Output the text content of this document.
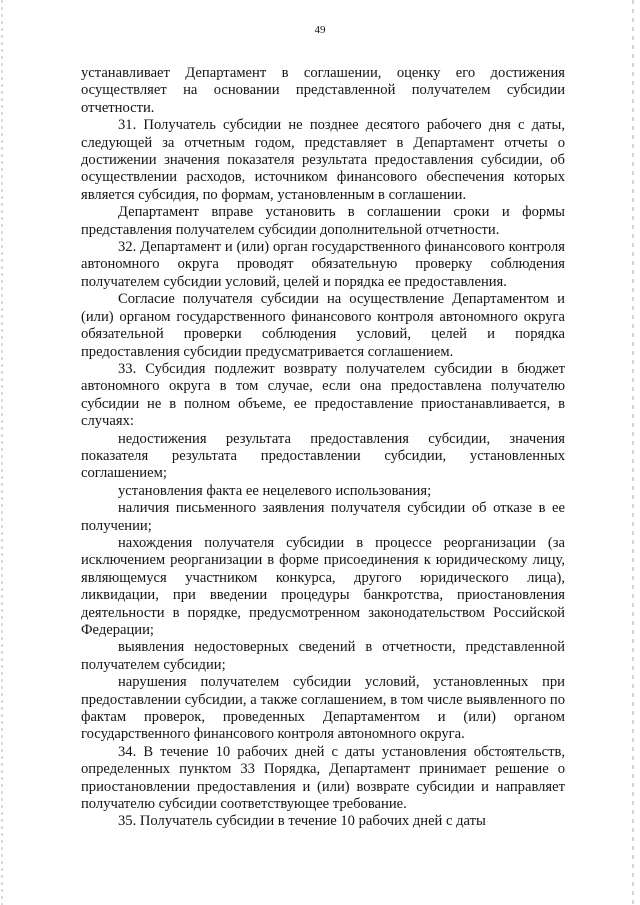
49

устанавливает Департамент в соглашении, оценку его достижения осуществляет на основании представленной получателем субсидии отчетности.

31. Получатель субсидии не позднее десятого рабочего дня с даты, следующей за отчетным годом, представляет в Департамент отчеты о достижении значения показателя результата предоставления субсидии, об осуществлении расходов, источником финансового обеспечения которых является субсидия, по формам, установленным в соглашении.

Департамент вправе установить в соглашении сроки и формы представления получателем субсидии дополнительной отчетности.

32. Департамент и (или) орган государственного финансового контроля автономного округа проводят обязательную проверку соблюдения получателем субсидии условий, целей и порядка ее предоставления.

Согласие получателя субсидии на осуществление Департаментом и (или) органом государственного финансового контроля автономного округа обязательной проверки соблюдения условий, целей и порядка предоставления субсидии предусматривается соглашением.

33. Субсидия подлежит возврату получателем субсидии в бюджет автономного округа в том случае, если она предоставлена получателю субсидии не в полном объеме, ее предоставление приостанавливается, в случаях:

недостижения результата предоставления субсидии, значения показателя результата предоставлении субсидии, установленных соглашением;

установления факта ее нецелевого использования;

наличия письменного заявления получателя субсидии об отказе в ее получении;

нахождения получателя субсидии в процессе реорганизации (за исключением реорганизации в форме присоединения к юридическому лицу, являющемуся участником конкурса, другого юридического лица), ликвидации, при введении процедуры банкротства, приостановления деятельности в порядке, предусмотренном законодательством Российской Федерации;

выявления недостоверных сведений в отчетности, представленной получателем субсидии;

нарушения получателем субсидии условий, установленных при предоставлении субсидии, а также соглашением, в том числе выявленного по фактам проверок, проведенных Департаментом и (или) органом государственного финансового контроля автономного округа.

34. В течение 10 рабочих дней с даты установления обстоятельств, определенных пунктом 33 Порядка, Департамент принимает решение о приостановлении предоставления и (или) возврате субсидии и направляет получателю субсидии соответствующее требование.

35. Получатель субсидии в течение 10 рабочих дней с даты
